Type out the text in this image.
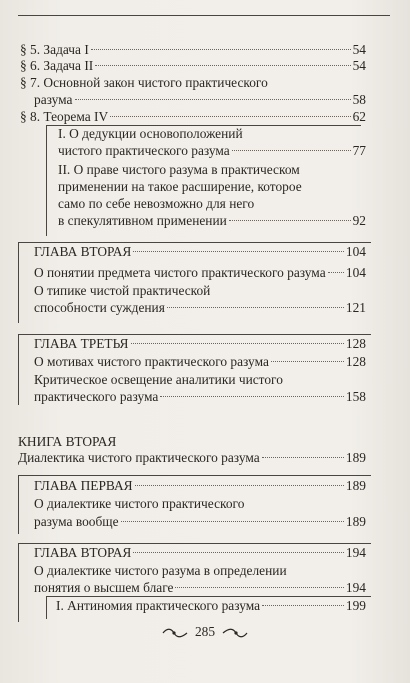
§ 5. Задача I	54
§ 6. Задача II	54
§ 7. Основной закон чистого практического
разума	58
§ 8. Теорема IV	62
I. О дедукции основоположений
чистого практического разума	77
II. О праве чистого разума в практическом
применении на такое расширение, которое
само по себе невозможно для него
в спекулятивном применении	92
ГЛАВА ВТОРАЯ	104
О понятии предмета чистого практического разума 104
О типике чистой практической
способности суждения	121
ГЛАВА ТРЕТЬЯ	128
О мотивах чистого практического разума	128
Критическое освещение аналитики чистого
практического разума	158
КНИГА ВТОРАЯ
Диалектика чистого практического разума	189
ГЛАВА ПЕРВАЯ	189
О диалектике чистого практического
разума вообще	189
ГЛАВА ВТОРАЯ	194
О диалектике чистого разума в определении
понятия о высшем благе	194
I. Антиномия практического разума	199
285
